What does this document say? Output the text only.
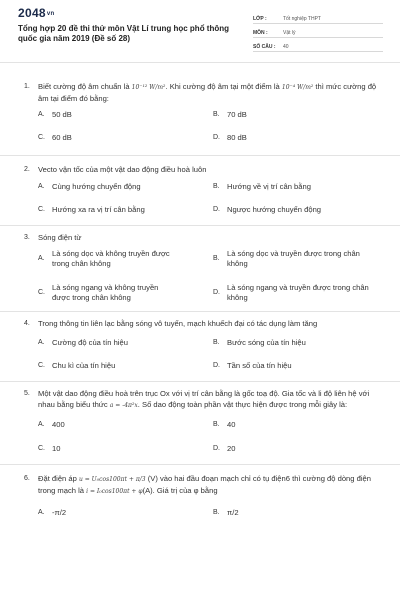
2048vn
Tổng hợp 20 đề thi thử môn Vật Lí trung học phổ thông quốc gia năm 2019 (Đề số 28)
LỚP :	Tốt nghiệp THPT
MÔN :	Vật lý
SỐ CÂU :	40
1.	Biết cường độ âm chuẩn là 10⁻¹² W/m². Khi cường độ âm tại một điểm là 10⁻⁴ W/m² thì mức cường độ âm tại điểm đó bằng:
A. 50 dB	B. 70 dB
C. 60 dB	D. 80 dB
2.	Vecto vận tốc của một vật dao động điều hoà luôn
A. Cùng hướng chuyển động	B. Hướng về vị trí cân bằng
C. Hướng xa ra vị trí cân bằng	D. Ngược hướng chuyển động
3.	Sóng điện từ
A.
Là sóng dọc và không truyền được trong chân không
B.
Là sóng dọc và truyền được trong chân không
C.
Là sóng ngang và không truyền được trong chân không
D.
Là sóng ngang và truyền được trong chân không
4.	Trong thông tin liên lạc bằng sóng vô tuyến, mạch khuếch đại có tác dụng làm tăng
A. Cường độ của tín hiệu	B. Bước sóng của tín hiệu
C. Chu kì của tín hiệu	D. Tần số của tín hiệu
5.	Một vật dao động điều hoà trên trục Ox với vị trí cân bằng là gốc toạ độ. Gia tốc và li độ liên hệ với nhau bằng biểu thức a = -4π²x. Số dao động toàn phần vật thực hiện được trong mỗi giây là:
A. 400	B. 40
C. 10	D. 20
6.	Đặt điện áp u = U₀cos100πt + π/3 (V) vào hai đầu đoạn mạch chỉ có tụ điện6 thì cường độ dòng điện trong mạch là i = I₀cos100πt + φ(A). Giá trị của φ bằng
A. -π/2	B. π/2
